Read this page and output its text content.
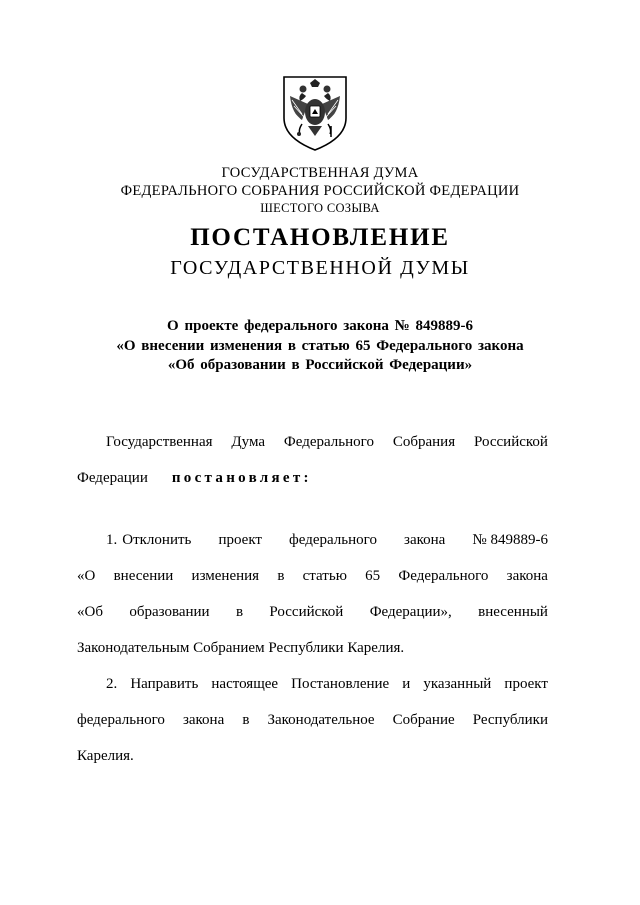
ГОСУДАРСТВЕННАЯ ДУМА
ФЕДЕРАЛЬНОГО СОБРАНИЯ РОССИЙСКОЙ ФЕДЕРАЦИИ
ШЕСТОГО СОЗЫВА
ПОСТАНОВЛЕНИЕ
ГОСУДАРСТВЕННОЙ ДУМЫ
О проекте федерального закона № 849889-6
«О внесении изменения в статью 65 Федерального закона
«Об образовании в Российской Федерации»
Государственная Дума Федерального Собрания Российской
Федерации постановляет:
1. Отклонить проект федерального закона № 849889-6
«О внесении изменения в статью 65 Федерального закона
«Об образовании в Российской Федерации», внесенный
Законодательным Собранием Республики Карелия.
2. Направить настоящее Постановление и указанный проект
федерального закона в Законодательное Собрание Республики
Карелия.
